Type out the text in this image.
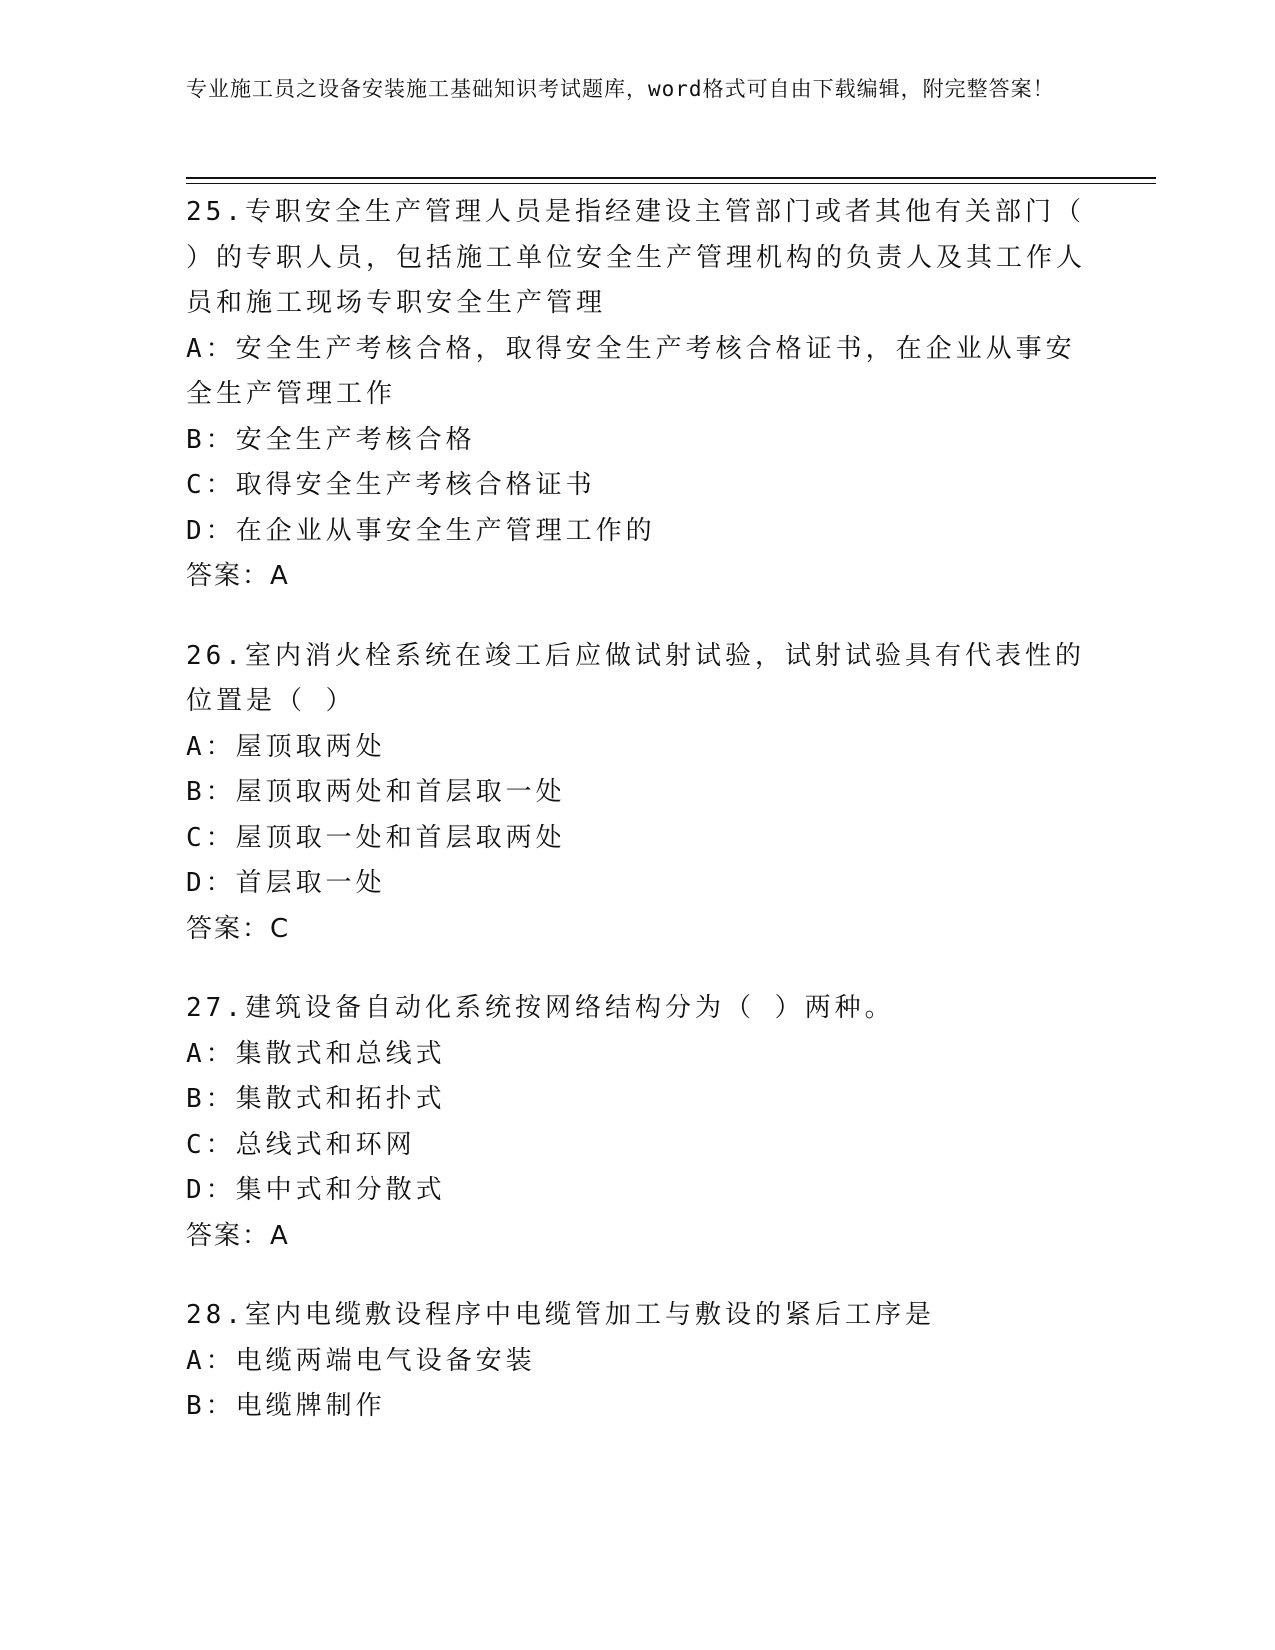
专业施工员之设备安装施工基础知识考试题库，word格式可自由下载编辑，附完整答案！
25.专职安全生产管理人员是指经建设主管部门或者其他有关部门（ ）的专职人员，包括施工单位安全生产管理机构的负责人及其工作人员和施工现场专职安全生产管理
A：安全生产考核合格，取得安全生产考核合格证书，在企业从事安全生产管理工作
B：安全生产考核合格
C：取得安全生产考核合格证书
D：在企业从事安全生产管理工作的
答案：A
26.室内消火栓系统在竣工后应做试射试验，试射试验具有代表性的位置是（ ）
A：屋顶取两处
B：屋顶取两处和首层取一处
C：屋顶取一处和首层取两处
D：首层取一处
答案：C
27.建筑设备自动化系统按网络结构分为（ ）两种。
A：集散式和总线式
B：集散式和拓扑式
C：总线式和环网
D：集中式和分散式
答案：A
28.室内电缆敷设程序中电缆管加工与敷设的紧后工序是
A：电缆两端电气设备安装
B：电缆牌制作
